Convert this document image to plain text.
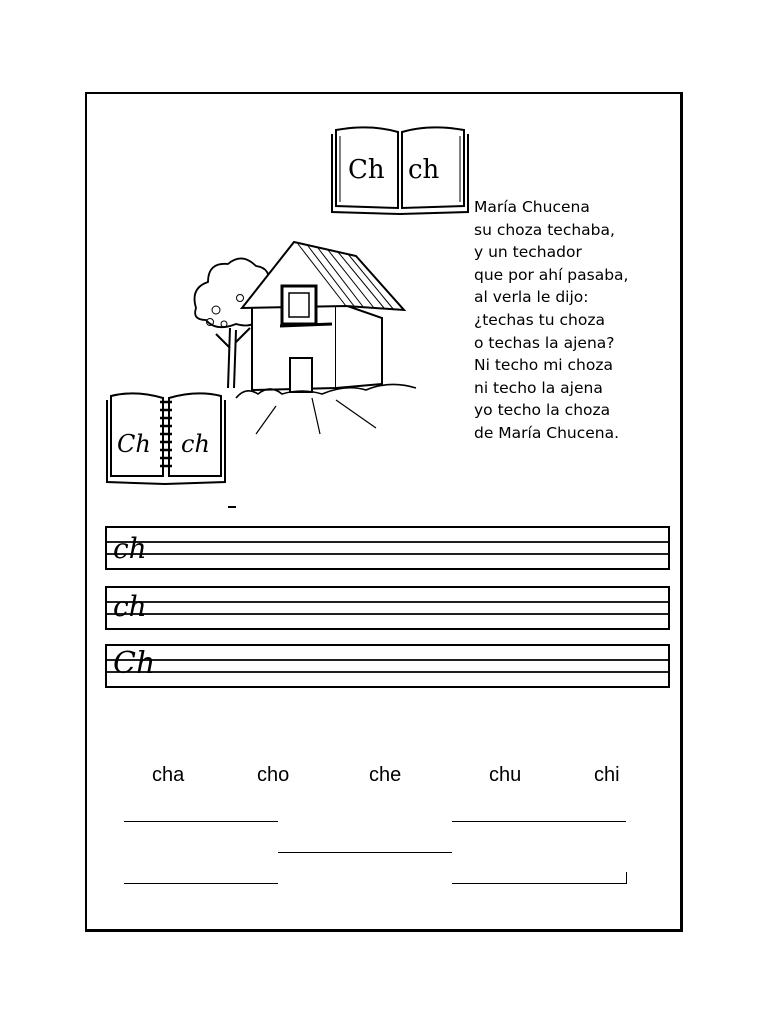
Ch ch
Ch ch
María Chucena
su choza techaba,
y un techador
que por ahí pasaba,
al verla le dijo:
¿techas tu choza
o techas la ajena?
Ni techo mi choza
ni techo la ajena
yo techo la choza
de María Chucena.
ch
ch
Ch
cha	cho	che	chu	chi
